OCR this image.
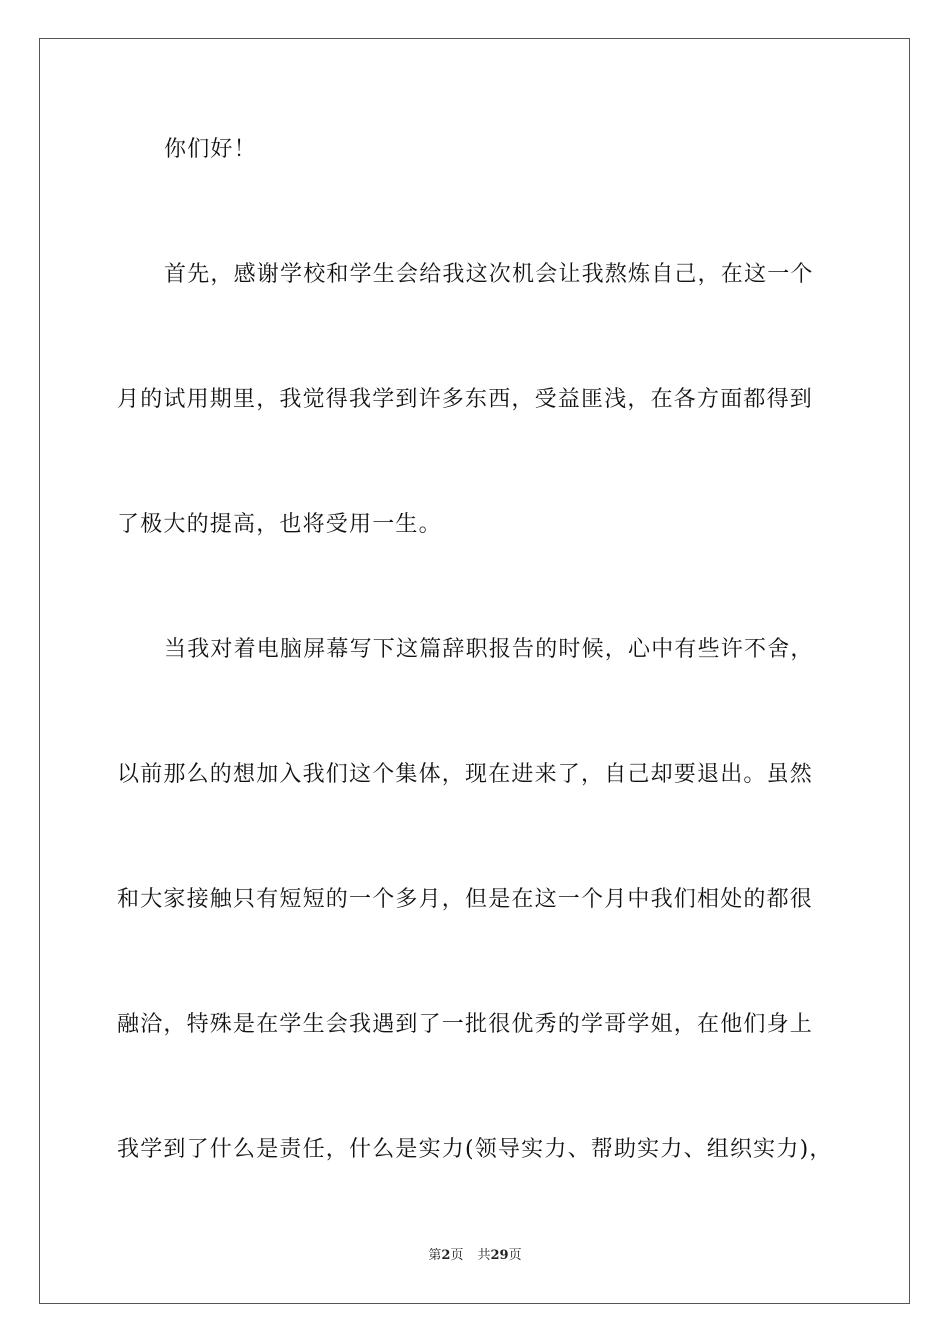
你们好！
首先，感谢学校和学生会给我这次机会让我熬炼自己，在这一个
月的试用期里，我觉得我学到许多东西，受益匪浅，在各方面都得到
了极大的提高，也将受用一生。
当我对着电脑屏幕写下这篇辞职报告的时候，心中有些许不舍，
以前那么的想加入我们这个集体，现在进来了，自己却要退出。虽然
和大家接触只有短短的一个多月，但是在这一个月中我们相处的都很
融洽，特殊是在学生会我遇到了一批很优秀的学哥学姐，在他们身上
我学到了什么是责任，什么是实力(领导实力、帮助实力、组织实力)，
第2页 共29页
